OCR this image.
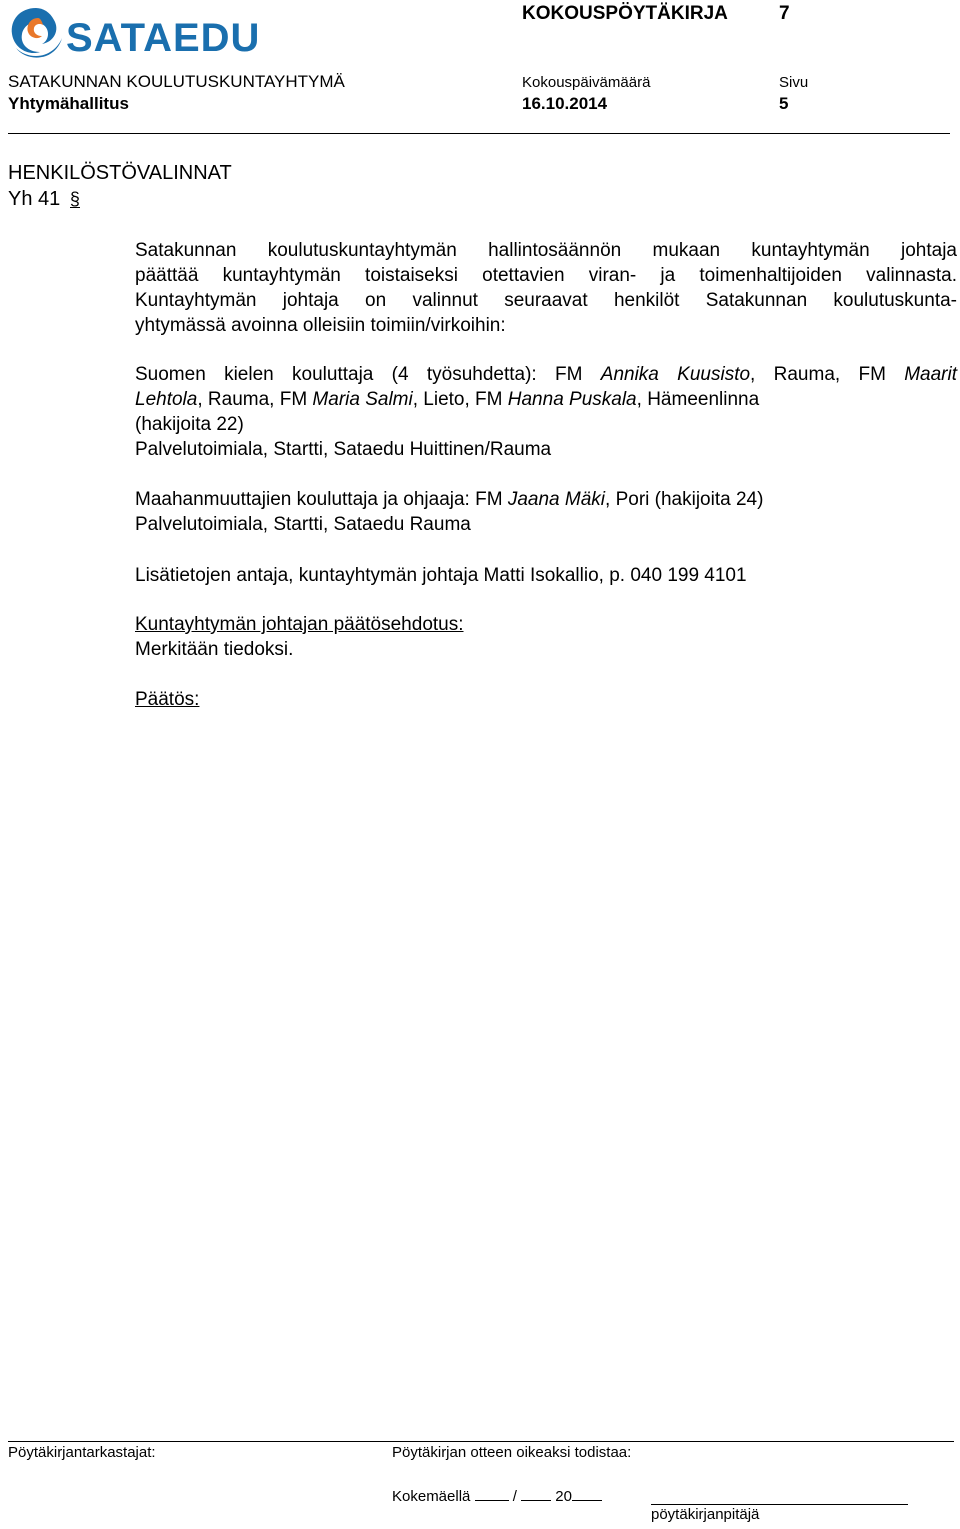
SATAEDU
KOKOUSPÖYTÄKIRJA	7
SATAKUNNAN KOULUTUSKUNTAYHTYMÄ	Kokouspäivämäärä	Sivu
Yhtymähallitus	16.10.2014	5
HENKILÖSTÖVALINNAT
Yh 41 §
Satakunnan koulutuskuntayhtymän hallintosäännön mukaan kuntayhtymän johtaja
päättää kuntayhtymän toistaiseksi otettavien viran- ja toimenhaltijoiden valinnasta.
Kuntayhtymän johtaja on valinnut seuraavat henkilöt Satakunnan koulutuskunta-
yhtymässä avoinna olleisiin toimiin/virkoihin:
Suomen kielen kouluttaja (4 työsuhdetta): FM Annika Kuusisto, Rauma, FM Maarit
Lehtola, Rauma, FM Maria Salmi, Lieto, FM Hanna Puskala, Hämeenlinna
(hakijoita 22)
Palvelutoimiala, Startti, Sataedu Huittinen/Rauma
Maahanmuuttajien kouluttaja ja ohjaaja: FM Jaana Mäki, Pori (hakijoita 24)
Palvelutoimiala, Startti, Sataedu Rauma
Lisätietojen antaja, kuntayhtymän johtaja Matti Isokallio, p. 040 199 4101
Kuntayhtymän johtajan päätösehdotus:
Merkitään tiedoksi.
Päätös:
Pöytäkirjantarkastajat:	Pöytäkirjan otteen oikeaksi todistaa:
Kokemäellä	/	20
pöytäkirjanpitäjä
